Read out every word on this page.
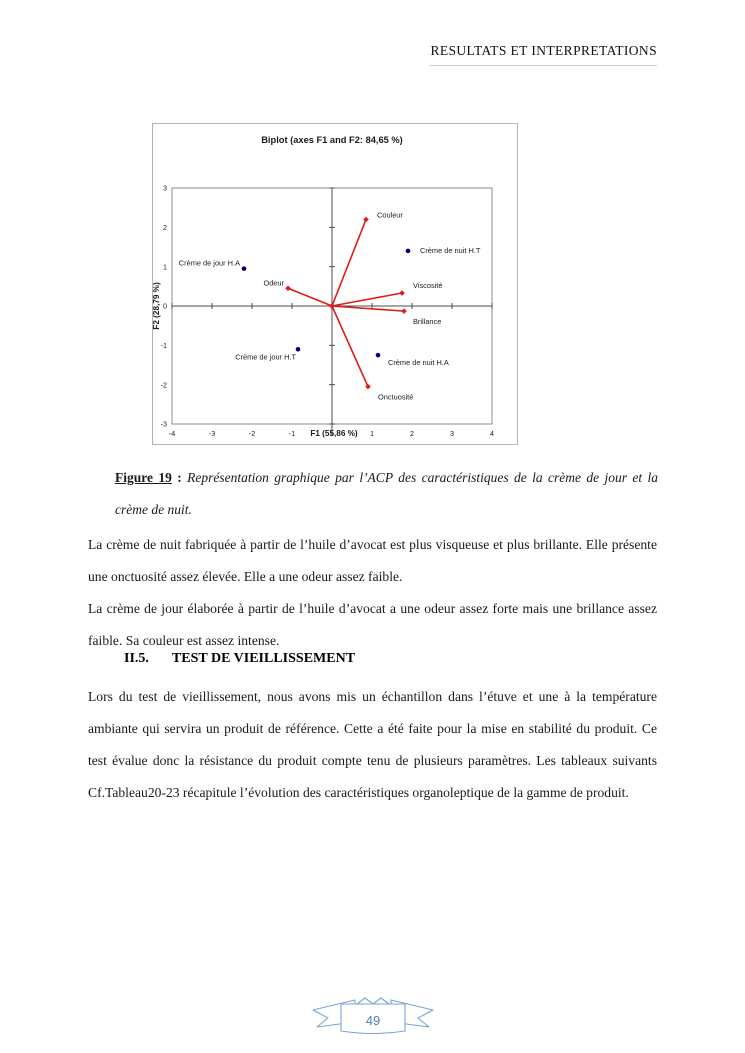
RESULTATS ET INTERPRETATIONS
Biplot (axes F1 and F2: 84,65 %)
-4	-3	-2	-1	1	2	3	4
3
2
1
0
-1
-2
-3
F1 (55,86 %)
F2 (28,79 %)
Couleur
Odeur	Viscosité
Brillance
Onctuosité
Crème de jour H.A
Crème de nuit H.T
Crème de jour H.T
Crème de nuit H.A
Figure 19 : Représentation graphique par l’ACP des caractéristiques de la crème de jour et la crème de nuit.

La crème de nuit fabriquée à partir de l’huile d’avocat est plus visqueuse et plus brillante. Elle présente une onctuosité assez élevée. Elle a une odeur assez faible.

La crème de jour élaborée à partir de l’huile d’avocat a une odeur assez forte mais une brillance assez faible. Sa couleur est assez intense.

II.5. TEST DE VIEILLISSEMENT

Lors du test de vieillissement, nous avons mis un échantillon dans l’étuve et une à la température ambiante qui servira un produit de référence. Cette a été faite pour la mise en stabilité du produit. Ce test évalue donc la résistance du produit compte tenu de plusieurs paramètres. Les tableaux suivants Cf.Tableau20-23 récapitule l’évolution des caractéristiques organoleptique de la gamme de produit.

49
